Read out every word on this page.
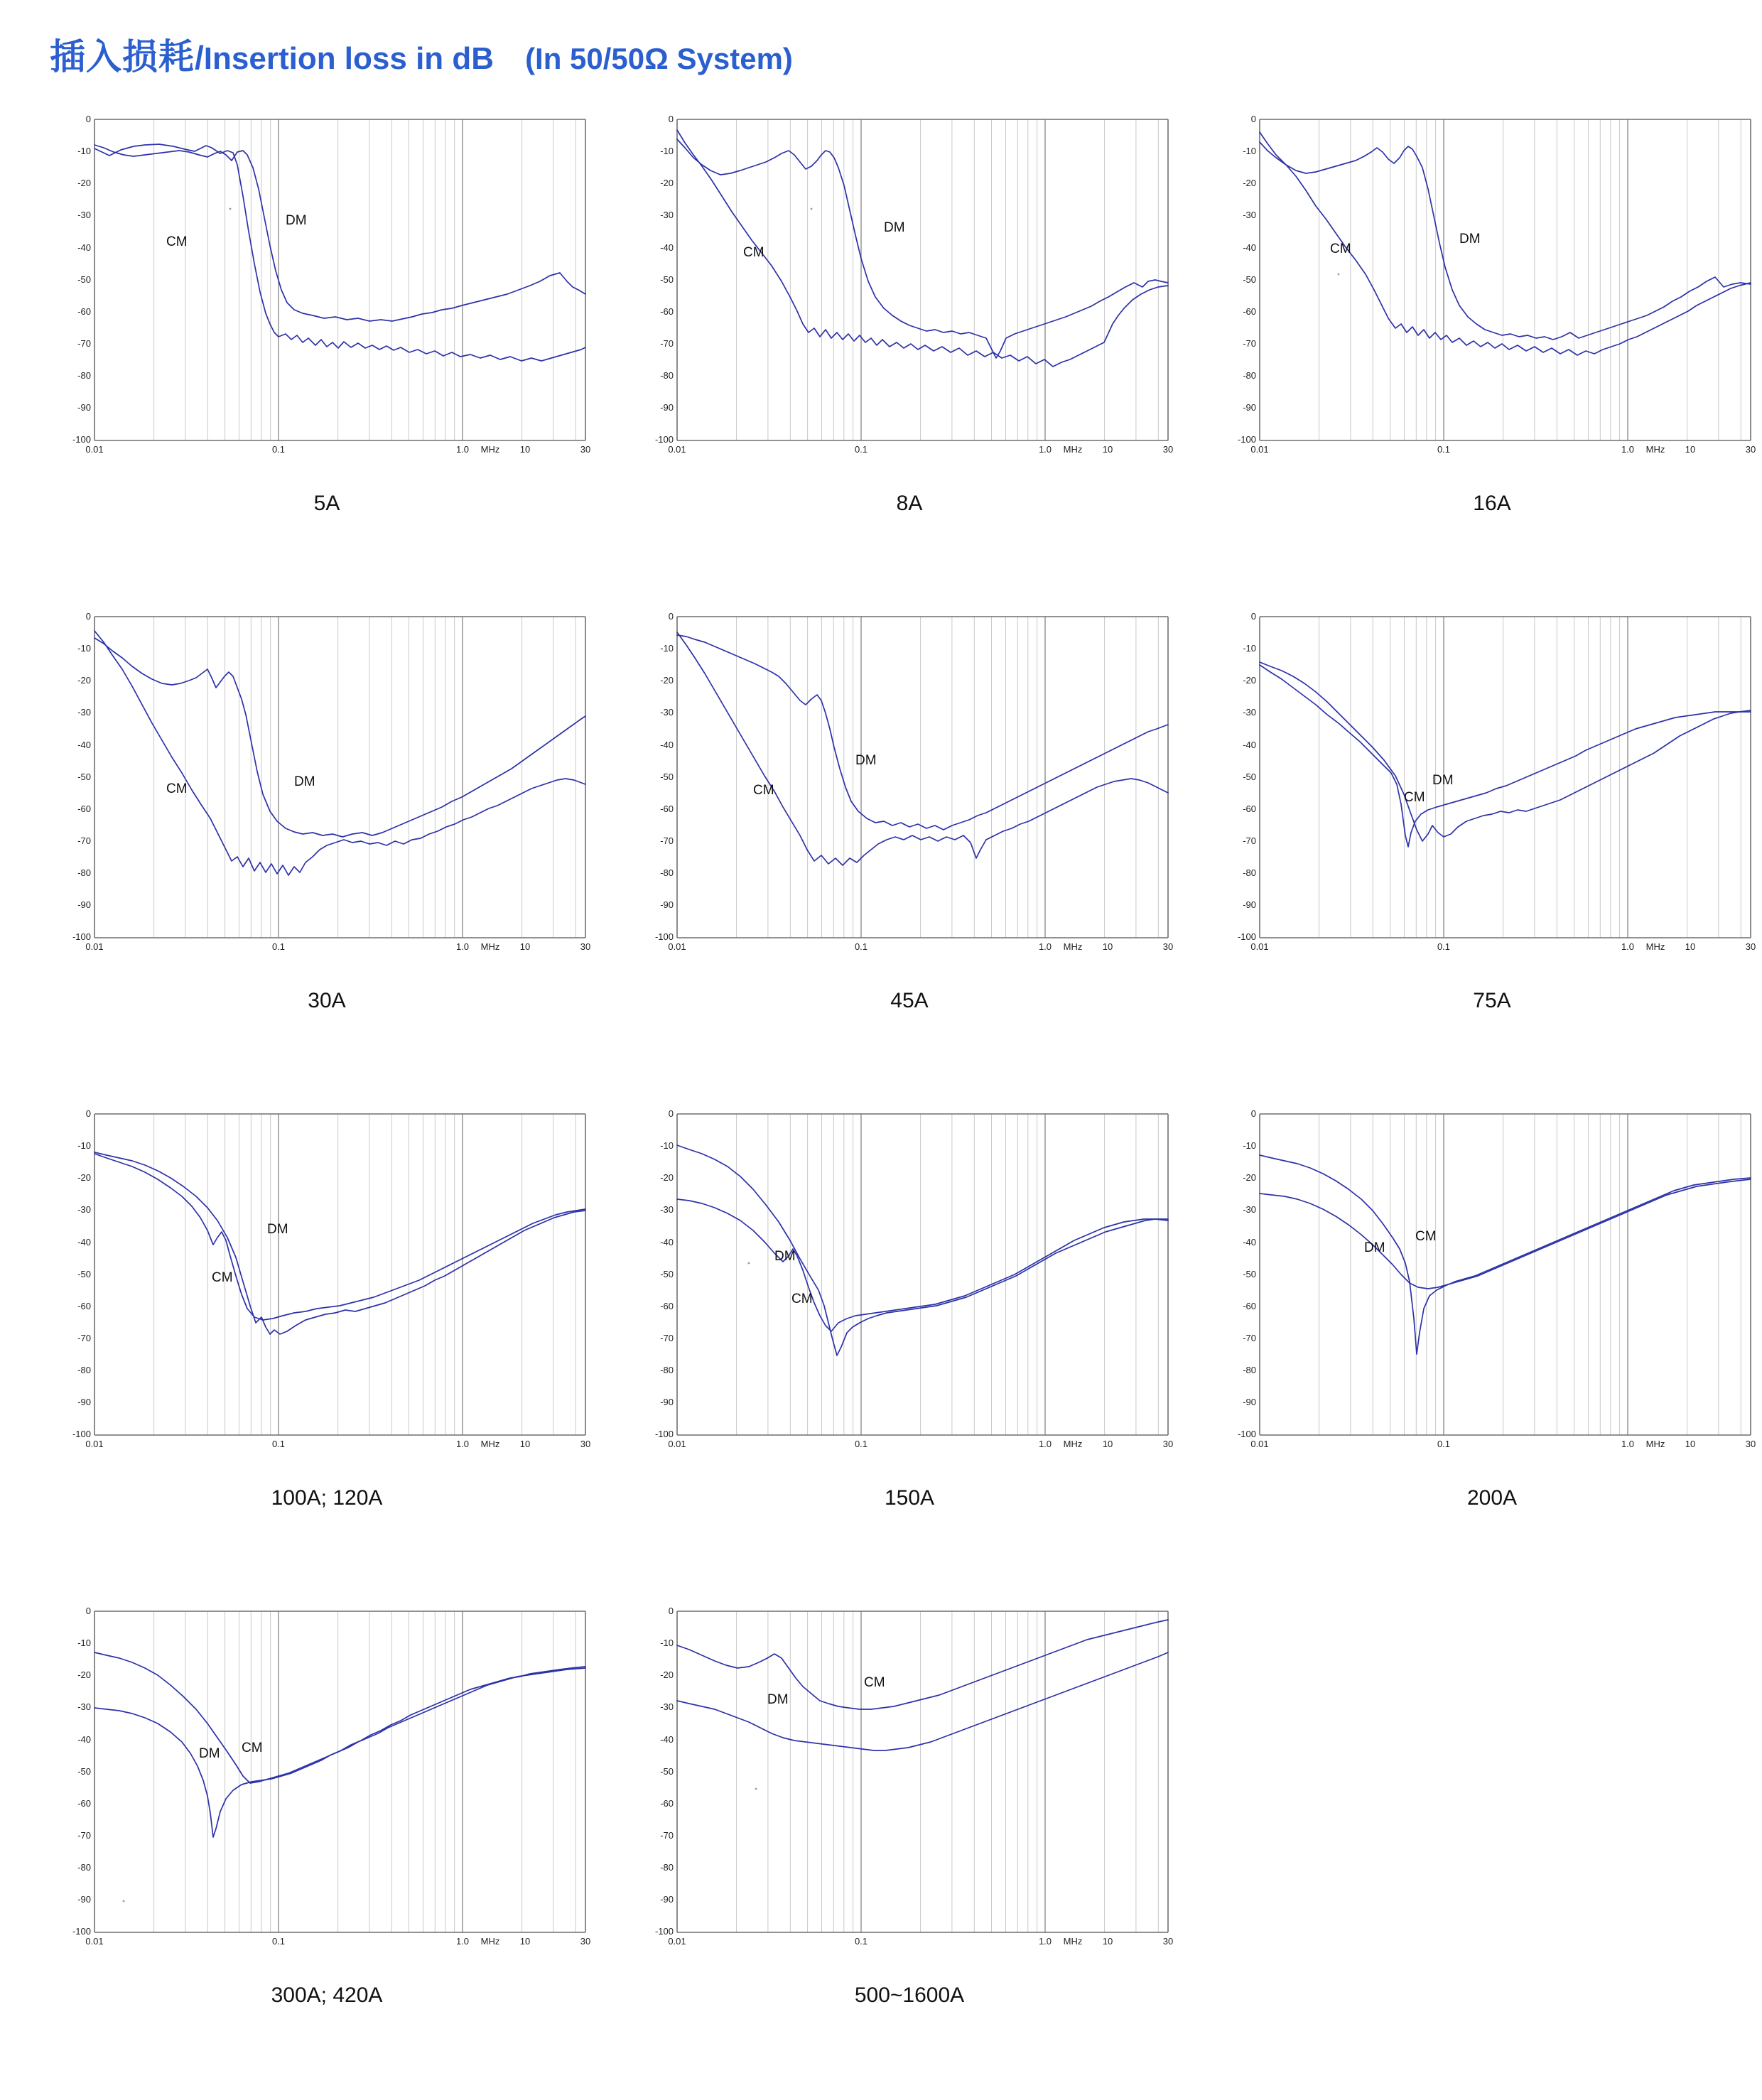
插入损耗 / Insertion loss in dB (In 50/50Ω System)
0
-10
-20
-30
-40
-50
-60
-70
-80
-90
-100
0.01	0.1	1.0 MHz 10	30
CM
DM
5A
0
-10
-20
-30
-40
-50
-60
-70
-80
-90
-100
0.01	0.1	1.0 MHz 10	30
CM
DM
8A
0
-10
-20
-30
-40
-50
-60
-70
-80
-90
-100
0.01	0.1	1.0 MHz 10	30
CM
DM
16A
0
-10
-20
-30
-40
-50
-60
-70
-80
-90
-100
0.01	0.1	1.0 MHz 10	30
CM	DM
30A
0
-10
-20
-30
-40
-50
-60
-70
-80
-90
-100
0.01	0.1	1.0 MHz 10	30
CM
DM
45A
0
-10
-20
-30
-40
-50
-60
-70
-80
-90
-100
0.01	0.1	1.0 MHz 10	30
CM
DM
75A
0
-10
-20
-30
-40
-50
-60
-70
-80
-90
-100
0.01	0.1	1.0 MHz 10	30
CM
DM
100A; 120A
0
-10
-20
-30
-40
-50
-60
-70
-80
-90
-100
0.01	0.1	1.0 MHz 10	30
CM
DM
150A
0
-10
-20
-30
-40
-50
-60
-70
-80
-90
-100
0.01	0.1	1.0 MHz 10	30
CM
DM
200A
0
-10
-20
-30
-40
-50
-60
-70
-80
-90
-100
0.01	0.1	1.0 MHz 10	30
DM CM
300A; 420A
0
-10
-20
-30
-40
-50
-60
-70
-80
-90
-100
0.01	0.1	1.0 MHz 10	30
CM
DM
500~1600A
